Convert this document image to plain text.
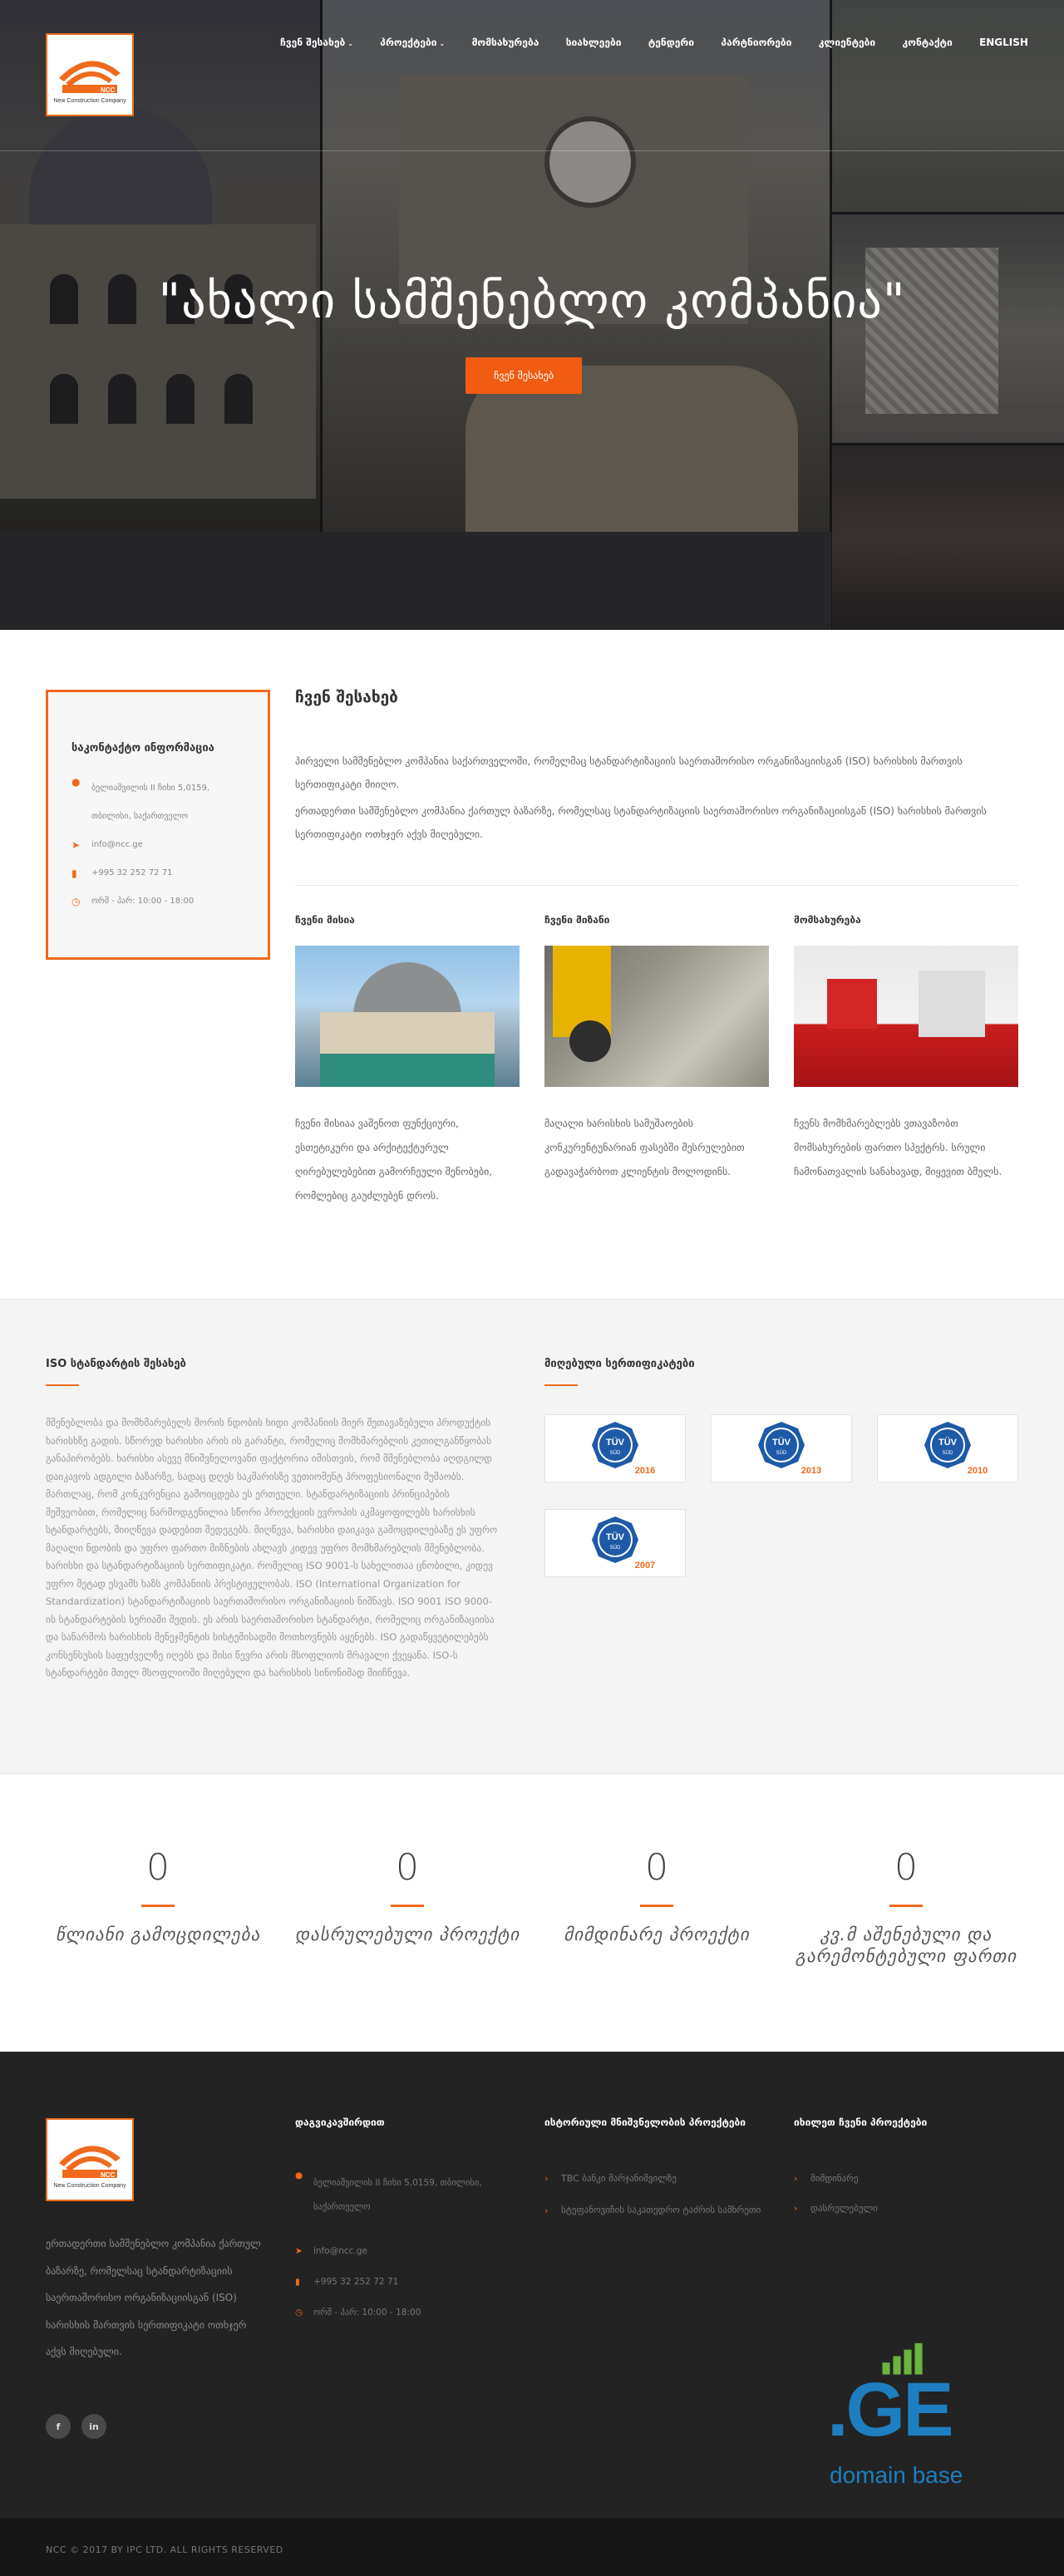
NCC
New Construction Company
ჩვენ შესახებ ⌄	პროექტები ⌄	მომსახურება	სიახლეები	ტენდერი	პარტნიორები	კლიენტები	კონტაქტი	ENGLISH
"ახალი სამშენებლო კომპანია"
ჩვენ შესახებ
საკონტაქტო ინფორმაცია
●
ბელიაშვილის II ჩიხი 5,0159,
თბილისი, საქართველო
➤	info@ncc.ge
▮	+995 32 252 72 71
◷	ორშ - პარ: 10:00 - 18:00
ჩვენ შესახებ

პირველი სამშენებლო კომპანია საქართველოში, რომელმაც სტანდარტიზაციის საერთაშორისო ორგანიზაციისგან (ISO) ხარისხის მართვის სერთიფიკატი მიიღო.

ერთადერთი სამშენებლო კომპანია ქართულ ბაზარზე, რომელსაც სტანდარტიზაციის საერთაშორისო ორგანიზაციისგან (ISO) ხარისხის მართვის სერთიფიკატი ოთხჯერ აქვს მიღებული.

ჩვენი მისია
ჩვენი მისიაა ვაშენოთ ფუნქციური, ესთეტიკური და არქიტექტურულ ღირებულებებით გამორჩეული შენობები, რომლებიც გაუძლებენ დროს.
ჩვენი მიზანი
მაღალი ხარისხის სამუშაოების კონკურენტუნარიან ფასებში შესრულებით გადავაჭარბოთ კლიენტის მოლოდინს.
მომსახურება
ჩვენს მომხმარებლებს ვთავაზობთ მომსახურების ფართო სპექტრს. სრული ჩამონათვალის სანახავად, მიყევით ბმულს.
ISO სტანდარტის შესახებ
მშენებლობა და მომხმარებელს შორის ნდობის ხიდი კომპანიის მიერ შეთავაზებული პროდუქტის ხარისხზე გადის. სწორედ ხარისხი არის ის გარანტი, რომელიც მომხმარებლის კეთილგანწყობას განაპირობებს. ხარისხი ასევე მნიშვნელოვანი ფაქტორია იმისთვის, რომ მშენებლობა აღდგილდ დაიკავოს ადგილი ბაზარზე, სადაც დღეს საკმარისზე ვეთიომენტ პროფესიონალი მუშაობს. მართლაც, რომ კონკურენცია გამოიცდება ეს ერთეული. სტანდარტიზაციის პრინციპების მეშვეობით, რომელიც ნარმოდგენილია სწორი პროექციის ევროპის აკმაყოფილებს ხარისხის სტანდარტებს, მიიღწევა დადებით შედეგებს. მიღწევა, ხარისხი დაიკავა გამოცდილებაზე ეს უფრო მაღალი ნდობის და უფრო ფართო მიზნების ახლავს კიდევ უფრო მომხმარებლის მშენებლობა. ხარისხი და სტანდარტიზაციის სერთიფიკატი. რომელიც ISO 9001-ს სახელითაა ცნობილი, კიდევ უფრო მეტად ესვამს ხაზს კომპანიის პრესტიჟულობას. ISO (International Organization for Standardization) სტანდარტიზაციის საერთაშორისო ორგანიზაციის ნიშნავს. ISO 9001 ISO 9000-ის სტანდარტების სერიაში შედის. ეს არის საერთაშორისო სტანდარტი, რომელიც ორგანიზაციისა და სანარმოს ხარისხის მენეჯმენტის სისტემისადმი მოთხოვნებს აყენებს. ISO გადაწყვეტილებებს კონსენსუსის საფუძველზე იღებს და მისი წევრი არის მსოფლიოს მრავალი ქვეყანა. ISO-ს სტანდარტები მთელ მსოფლიოში მიღებული და ხარისხის სინონიმად მიიჩნევა.
მიღებული სერთიფიკატები
TÜV
SÜD
2016
TÜV
SÜD
2013
TÜV
SÜD
2010
TÜV
SÜD
2007
0
წლიანი გამოცდილება
0
დასრულებული პროექტი
0
მიმდინარე პროექტი
0
კვ.მ აშენებული და გარემონტებული ფართი
NCC
New Construction Company
ერთადერთი სამშენებლო კომპანია ქართულ ბაზარზე, რომელსაც სტანდარტიზაციის საერთაშორისო ორგანიზაციისგან (ISO) ხარისხის მართვის სერთიფიკატი ოთხჯერ აქვს მიღებული.
f	in
დაგვიკავშირდით
●
ბელიაშვილის II ჩიხი 5,0159, თბილისი,
საქართველო
➤	info@ncc.ge
▮	+995 32 252 72 71
◷	ორშ - პარ: 10:00 - 18:00
ისტორიული მნიშვნელობის პროექტები
›	TBC ბანკი მარჯანიშვილზე
›	სტეფანოვიჩის საკათედრო ტაძრის სამხრეთი
იხილეთ ჩვენი პროექტები
›	მიმდინარე
›	დასრულებული
.GE
domain base
NCC © 2017 BY IPC LTD. ALL RIGHTS RESERVED
